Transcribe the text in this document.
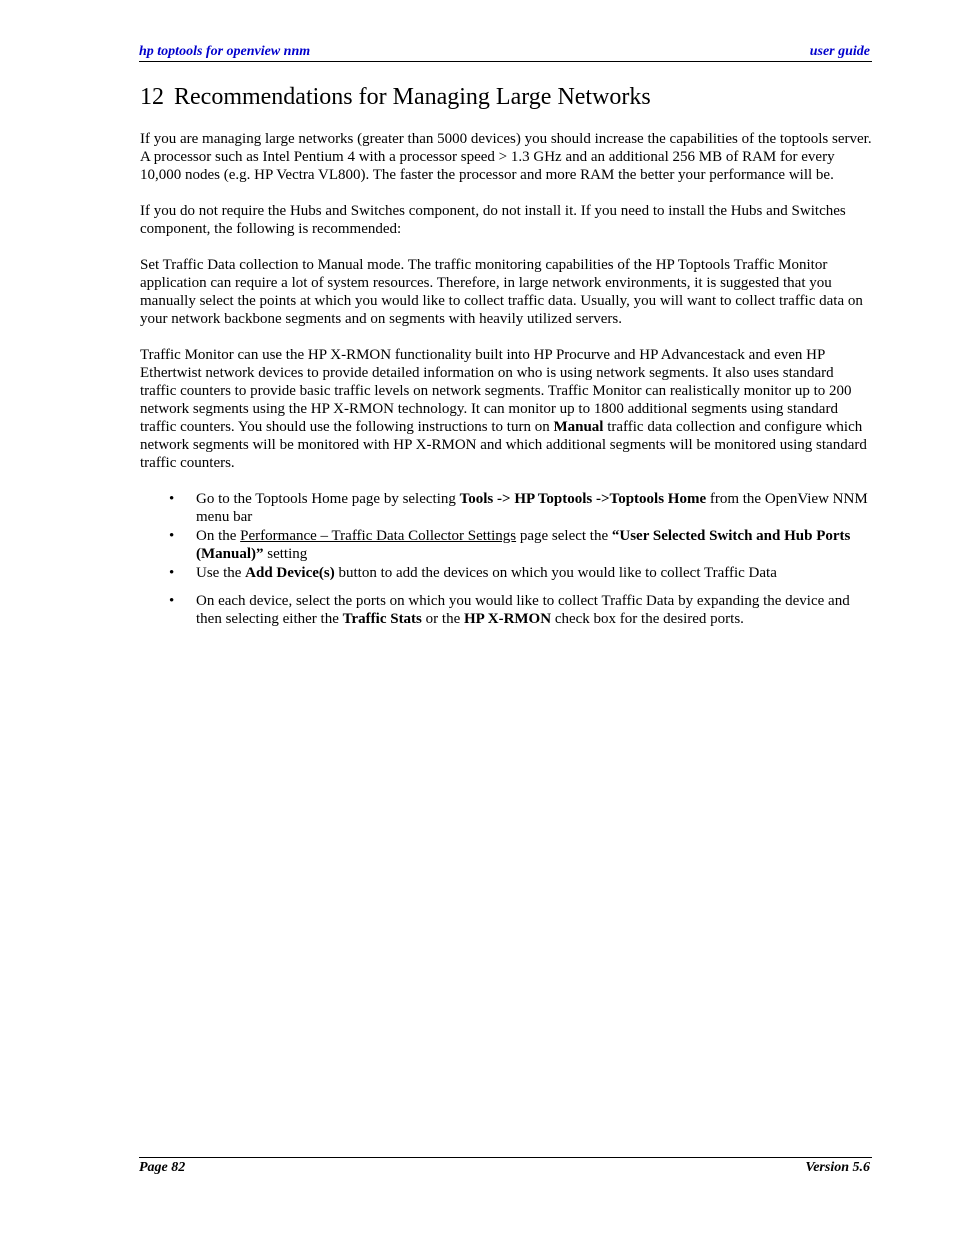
hp toptools for openview nnm	user guide
12 Recommendations for Managing Large Networks

If you are managing large networks (greater than 5000 devices) you should increase the capabilities of the toptools server. A processor such as Intel Pentium 4 with a processor speed > 1.3 GHz and an additional 256 MB of RAM for every 10,000 nodes (e.g. HP Vectra VL800). The faster the processor and more RAM the better your performance will be.

If you do not require the Hubs and Switches component, do not install it. If you need to install the Hubs and Switches component, the following is recommended:

Set Traffic Data collection to Manual mode. The traffic monitoring capabilities of the HP Toptools Traffic Monitor application can require a lot of system resources. Therefore, in large network environments, it is suggested that you manually select the points at which you would like to collect traffic data. Usually, you will want to collect traffic data on your network backbone segments and on segments with heavily utilized servers.

Traffic Monitor can use the HP X-RMON functionality built into HP Procurve and HP Advancestack and even HP Ethertwist network devices to provide detailed information on who is using network segments. It also uses standard traffic counters to provide basic traffic levels on network segments. Traffic Monitor can realistically monitor up to 200 network segments using the HP X-RMON technology. It can monitor up to 1800 additional segments using standard traffic counters. You should use the following instructions to turn on Manual traffic data collection and configure which network segments will be monitored with HP X-RMON and which additional segments will be monitored using standard traffic counters.

• Go to the Toptools Home page by selecting Tools -> HP Toptools ->Toptools Home from the OpenView NNM menu bar
• On the Performance – Traffic Data Collector Settings page select the “User Selected Switch and Hub Ports (Manual)” setting
• Use the Add Device(s) button to add the devices on which you would like to collect Traffic Data
• On each device, select the ports on which you would like to collect Traffic Data by expanding the device and then selecting either the Traffic Stats or the HP X-RMON check box for the desired ports.
Page 82	Version 5.6
